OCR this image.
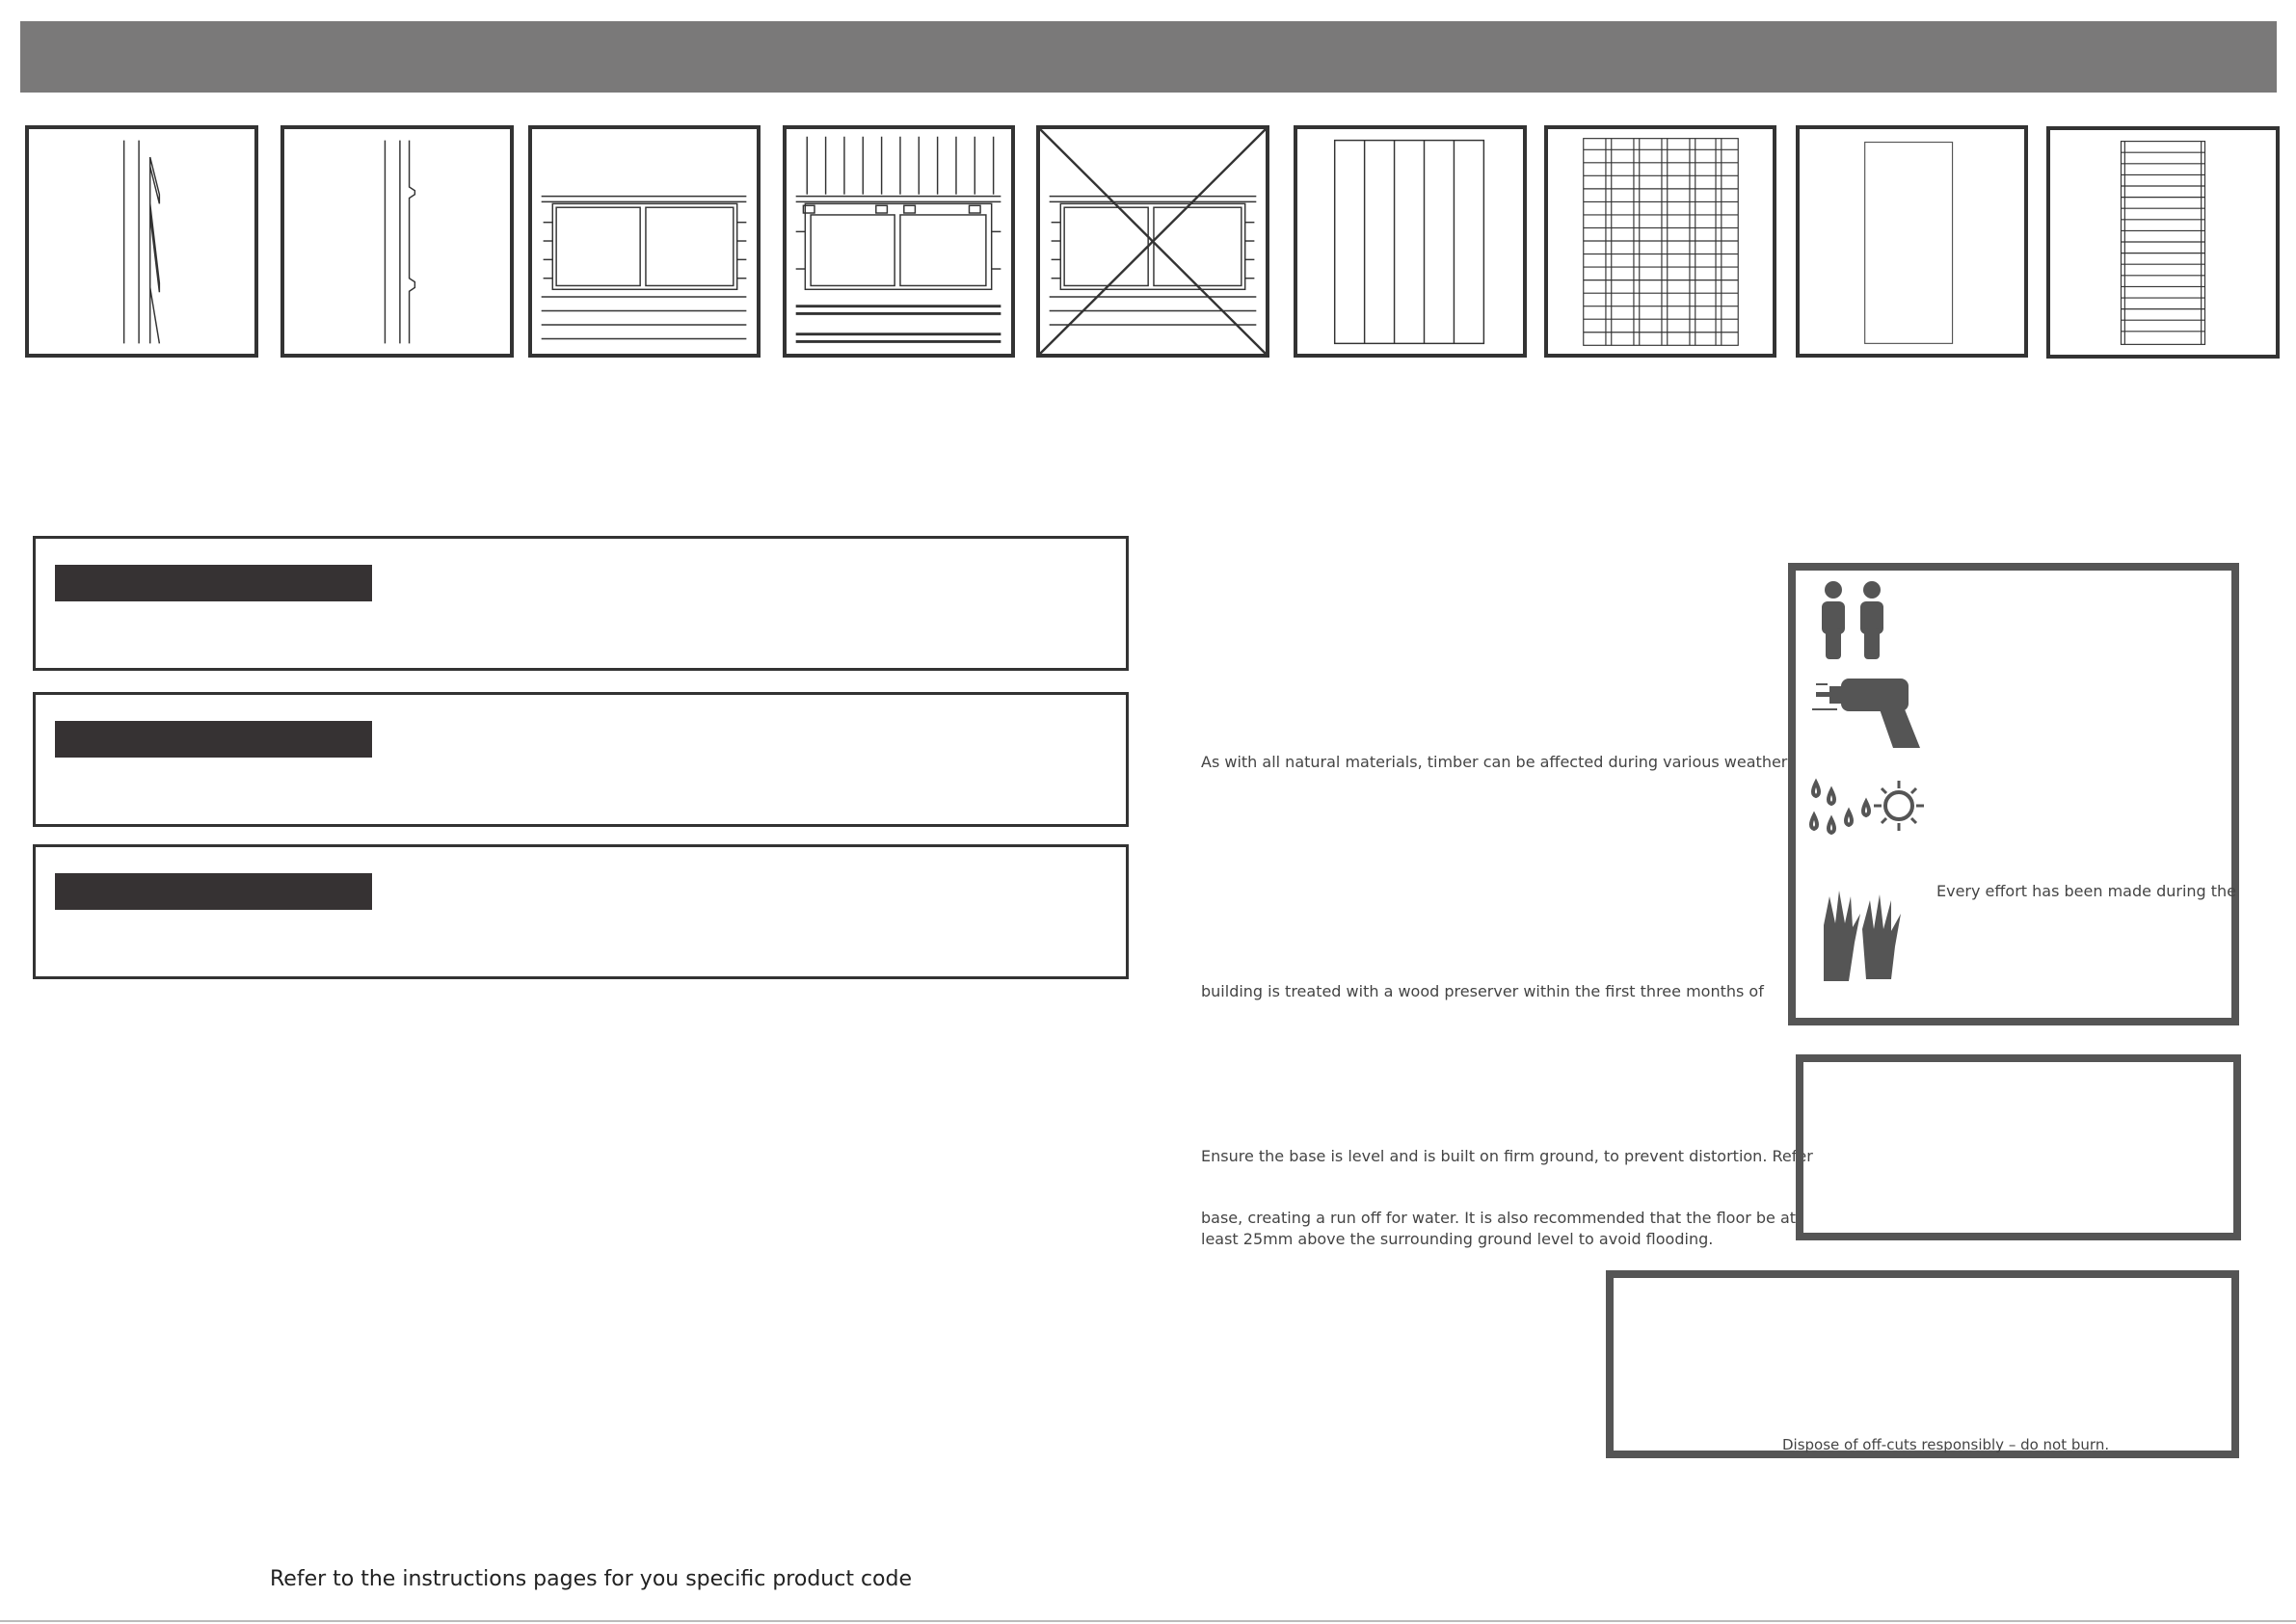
As with all natural materials, timber can be affected during various weather
building is treated with a wood preserver within the first three months of
Ensure the base is level and is built on firm ground, to prevent distortion. Refer
base, creating a run off for water. It is also recommended that the floor be at
least 25mm above the surrounding ground level to avoid flooding.
Every effort has been made during the
Dispose of off-cuts responsibly – do not burn.
Refer to the instructions pages for you specific product code
